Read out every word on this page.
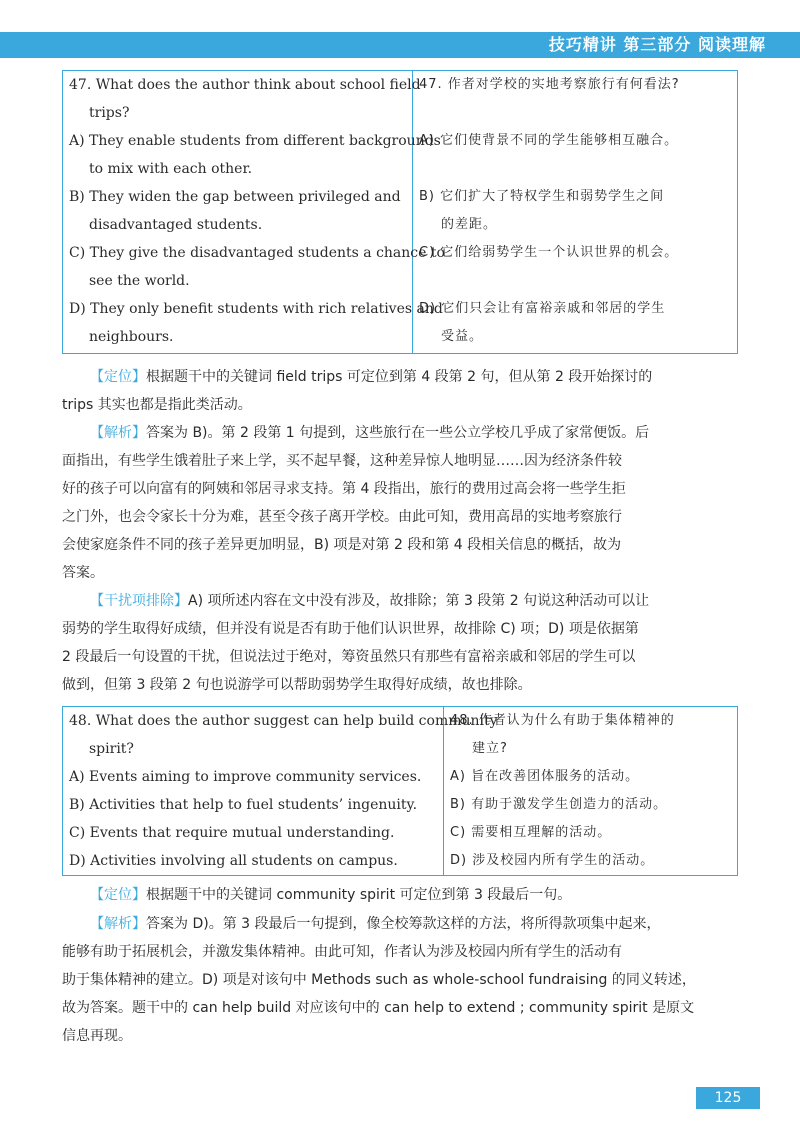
技巧精讲 第三部分 阅读理解
47. What does the author think about school field
trips?
A) They enable students from different backgrounds
to mix with each other.
B) They widen the gap between privileged and
disadvantaged students.
C) They give the disadvantaged students a chance to
see the world.
D) They only benefit students with rich relatives and
neighbours.

47. 作者对学校的实地考察旅行有何看法?

A) 它们使背景不同的学生能够相互融合。

B) 它们扩大了特权学生和弱势学生之间
的差距。
C) 它们给弱势学生一个认识世界的机会。

D) 它们只会让有富裕亲戚和邻居的学生
受益。
【定位】根据题干中的关键词 field trips 可定位到第 4 段第 2 句，但从第 2 段开始探讨的
trips 其实也都是指此类活动。
【解析】答案为 B)。第 2 段第 1 句提到，这些旅行在一些公立学校几乎成了家常便饭。后
面指出，有些学生饿着肚子来上学，买不起早餐，这种差异惊人地明显……因为经济条件较
好的孩子可以向富有的阿姨和邻居寻求支持。第 4 段指出，旅行的费用过高会将一些学生拒
之门外，也会令家长十分为难，甚至令孩子离开学校。由此可知，费用高昂的实地考察旅行
会使家庭条件不同的孩子差异更加明显，B) 项是对第 2 段和第 4 段相关信息的概括，故为
答案。
【干扰项排除】A) 项所述内容在文中没有涉及，故排除；第 3 段第 2 句说这种活动可以让
弱势的学生取得好成绩，但并没有说是否有助于他们认识世界，故排除 C) 项；D) 项是依据第
2 段最后一句设置的干扰，但说法过于绝对，筹资虽然只有那些有富裕亲戚和邻居的学生可以
做到，但第 3 段第 2 句也说游学可以帮助弱势学生取得好成绩，故也排除。
48. What does the author suggest can help build community
spirit?
A) Events aiming to improve community services.
B) Activities that help to fuel students’ ingenuity.
C) Events that require mutual understanding.
D) Activities involving all students on campus.

48. 作者认为什么有助于集体精神的
建立?
A) 旨在改善团体服务的活动。
B) 有助于激发学生创造力的活动。
C) 需要相互理解的活动。
D) 涉及校园内所有学生的活动。
【定位】根据题干中的关键词 community spirit 可定位到第 3 段最后一句。
【解析】答案为 D)。第 3 段最后一句提到，像全校筹款这样的方法，将所得款项集中起来，
能够有助于拓展机会，并激发集体精神。由此可知，作者认为涉及校园内所有学生的活动有
助于集体精神的建立。D) 项是对该句中 Methods such as whole-school fundraising 的同义转述，
故为答案。题干中的 can help build 对应该句中的 can help to extend ; community spirit 是原文
信息再现。
125
